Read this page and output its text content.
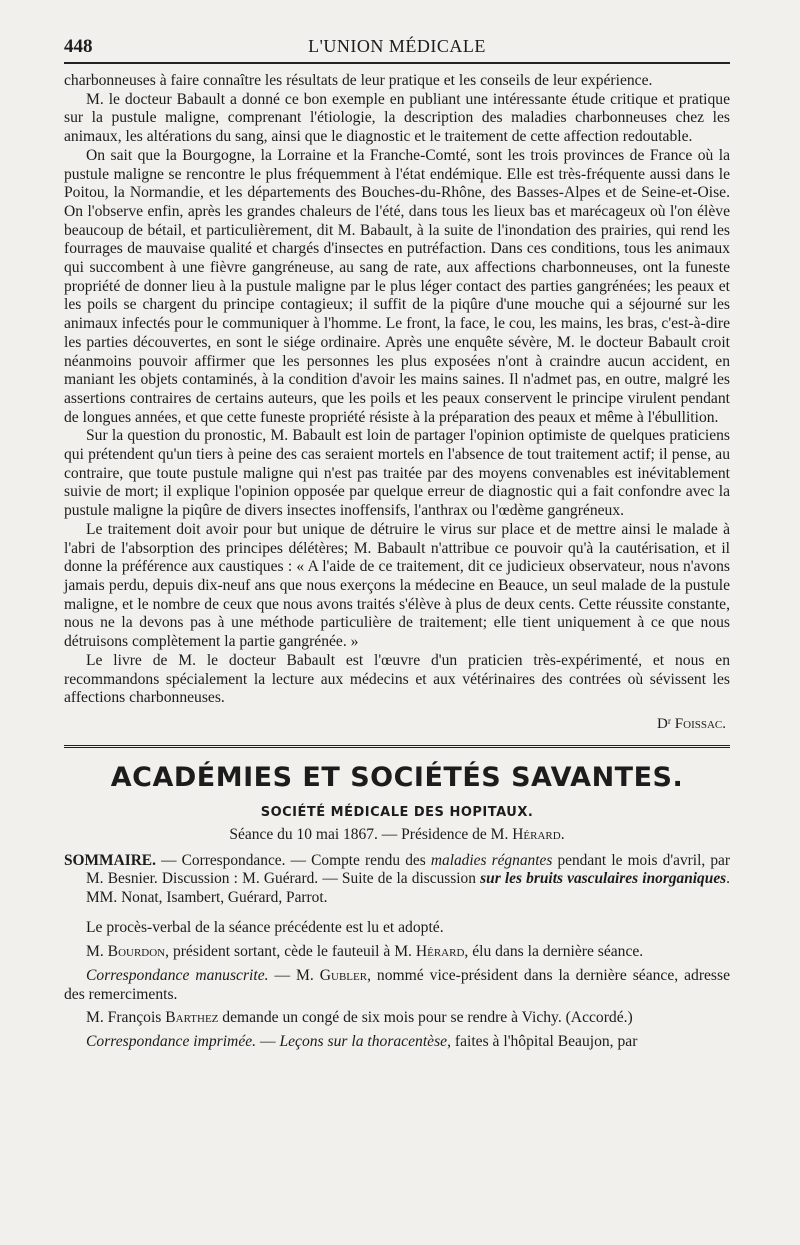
448	L'UNION MÉDICALE

charbonneuses à faire connaître les résultats de leur pratique et les conseils de leur expérience.

M. le docteur Babault a donné ce bon exemple en publiant une intéressante étude critique et pratique sur la pustule maligne, comprenant l'étiologie, la description des maladies charbonneuses chez les animaux, les altérations du sang, ainsi que le diagnostic et le traitement de cette affection redoutable.

On sait que la Bourgogne, la Lorraine et la Franche-Comté, sont les trois provinces de France où la pustule maligne se rencontre le plus fréquemment à l'état endémique. Elle est très-fréquente aussi dans le Poitou, la Normandie, et les départements des Bouches-du-Rhône, des Basses-Alpes et de Seine-et-Oise. On l'observe enfin, après les grandes chaleurs de l'été, dans tous les lieux bas et marécageux où l'on élève beaucoup de bétail, et particulièrement, dit M. Babault, à la suite de l'inondation des prairies, qui rend les fourrages de mauvaise qualité et chargés d'insectes en putréfaction. Dans ces conditions, tous les animaux qui succombent à une fièvre gangréneuse, au sang de rate, aux affections charbonneuses, ont la funeste propriété de donner lieu à la pustule maligne par le plus léger contact des parties gangrénées; les peaux et les poils se chargent du principe contagieux; il suffit de la piqûre d'une mouche qui a séjourné sur les animaux infectés pour le communiquer à l'homme. Le front, la face, le cou, les mains, les bras, c'est-à-dire les parties découvertes, en sont le siége ordinaire. Après une enquête sévère, M. le docteur Babault croit néanmoins pouvoir affirmer que les personnes les plus exposées n'ont à craindre aucun accident, en maniant les objets contaminés, à la condition d'avoir les mains saines. Il n'admet pas, en outre, malgré les assertions contraires de certains auteurs, que les poils et les peaux conservent le principe virulent pendant de longues années, et que cette funeste propriété résiste à la préparation des peaux et même à l'ébullition.

Sur la question du pronostic, M. Babault est loin de partager l'opinion optimiste de quelques praticiens qui prétendent qu'un tiers à peine des cas seraient mortels en l'absence de tout traitement actif; il pense, au contraire, que toute pustule maligne qui n'est pas traitée par des moyens convenables est inévitablement suivie de mort; il explique l'opinion opposée par quelque erreur de diagnostic qui a fait confondre avec la pustule maligne la piqûre de divers insectes inoffensifs, l'anthrax ou l'œdème gangréneux.

Le traitement doit avoir pour but unique de détruire le virus sur place et de mettre ainsi le malade à l'abri de l'absorption des principes délétères; M. Babault n'attribue ce pouvoir qu'à la cautérisation, et il donne la préférence aux caustiques : « A l'aide de ce traitement, dit ce judicieux observateur, nous n'avons jamais perdu, depuis dix-neuf ans que nous exerçons la médecine en Beauce, un seul malade de la pustule maligne, et le nombre de ceux que nous avons traités s'élève à plus de deux cents. Cette réussite constante, nous ne la devons pas à une méthode particulière de traitement; elle tient uniquement à ce que nous détruisons complètement la partie gangrénée. »

Le livre de M. le docteur Babault est l'œuvre d'un praticien très-expérimenté, et nous en recommandons spécialement la lecture aux médecins et aux vétérinaires des contrées où sévissent les affections charbonneuses.

Dʳ Foissac.
ACADÉMIES ET SOCIÉTÉS SAVANTES.
SOCIÉTÉ MÉDICALE DES HOPITAUX.
Séance du 10 mai 1867. — Présidence de M. Hérard.
SOMMAIRE. — Correspondance. — Compte rendu des maladies régnantes pendant le mois d'avril, par M. Besnier. Discussion : M. Guérard. — Suite de la discussion sur les bruits vasculaires inorganiques. MM. Nonat, Isambert, Guérard, Parrot.

Le procès-verbal de la séance précédente est lu et adopté.

M. Bourdon, président sortant, cède le fauteuil à M. Hérard, élu dans la dernière séance.

Correspondance manuscrite. — M. Gubler, nommé vice-président dans la dernière séance, adresse des remerciments.

M. François Barthez demande un congé de six mois pour se rendre à Vichy. (Accordé.)

Correspondance imprimée. — Leçons sur la thoracentèse, faites à l'hôpital Beaujon, par
